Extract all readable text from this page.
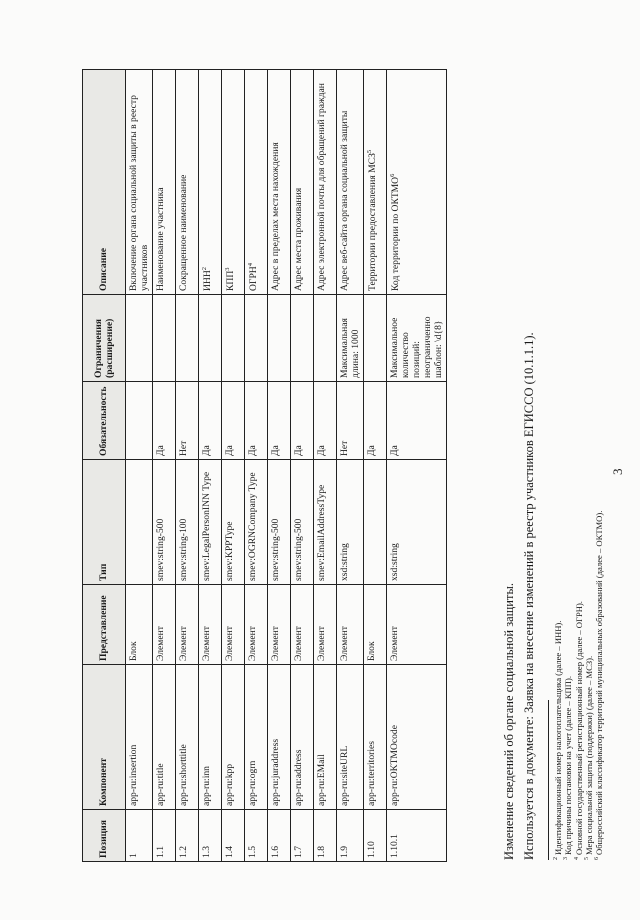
3
Позиция	Компонент	Представление	Тип	Обязательность	Ограничения (расширение)	Описание
1	app-ru:insertion	Блок				Включение органа социальной защиты в реестр участников
1.1	app-ru:title	Элемент	smev:string-500	Да		Наименование участника
1.2	app-ru:shorttitle	Элемент	smev:string-100	Нет		Сокращенное наименование
1.3	app-ru:inn	Элемент	smev:LegalPersonINN Type	Да		ИНН$^2$
1.4	app-ru:kpp	Элемент	smev:KPPType	Да		КПП$^3$
1.5	app-ru:ogrn	Элемент	smev:OGRNCompany Type	Да		ОГРН$^4$
1.6	app-ru:juraddress	Элемент	smev:string-500	Да		Адрес в пределах места нахождения
1.7	app-ru:address	Элемент	smev:string-500	Да		Адрес места проживания
1.8	app-ru:EMail	Элемент	smev:EmailAddressType	Да		Адрес электронной почты для обращений граждан
1.9	app-ru:siteURL	Элемент	xsd:string	Нет	Максимальная длина: 1000	Адрес веб-сайта органа социальной защиты
1.10	app-ru:territories	Блок		Да		Территории предоставления МСЗ$^5$
1.10.1	app-ru:OKTMOcode	Элемент	xsd:string	Да	Максимальное количество позиций: неограниченно шаблон: \d{8}	Код территории по ОКТМО$^6$
Изменение сведений об органе социальной защиты. Используется в документе: Заявка на внесение изменений в реестр участников ЕГИССО (10.1.1.1).	$^2$Идентификационный номер налогоплательщика (далее – ИНН).
$^3$Код причины постановки на учет (далее – КПП).
$^4$Основной государственный регистрационный номер (далее – ОГРН).
$^5$Мера социальной защиты (поддержки) (далее – МСЗ).
$^6$Общероссийский классификатор территорий муниципальных образований (далее – ОКТМО).
